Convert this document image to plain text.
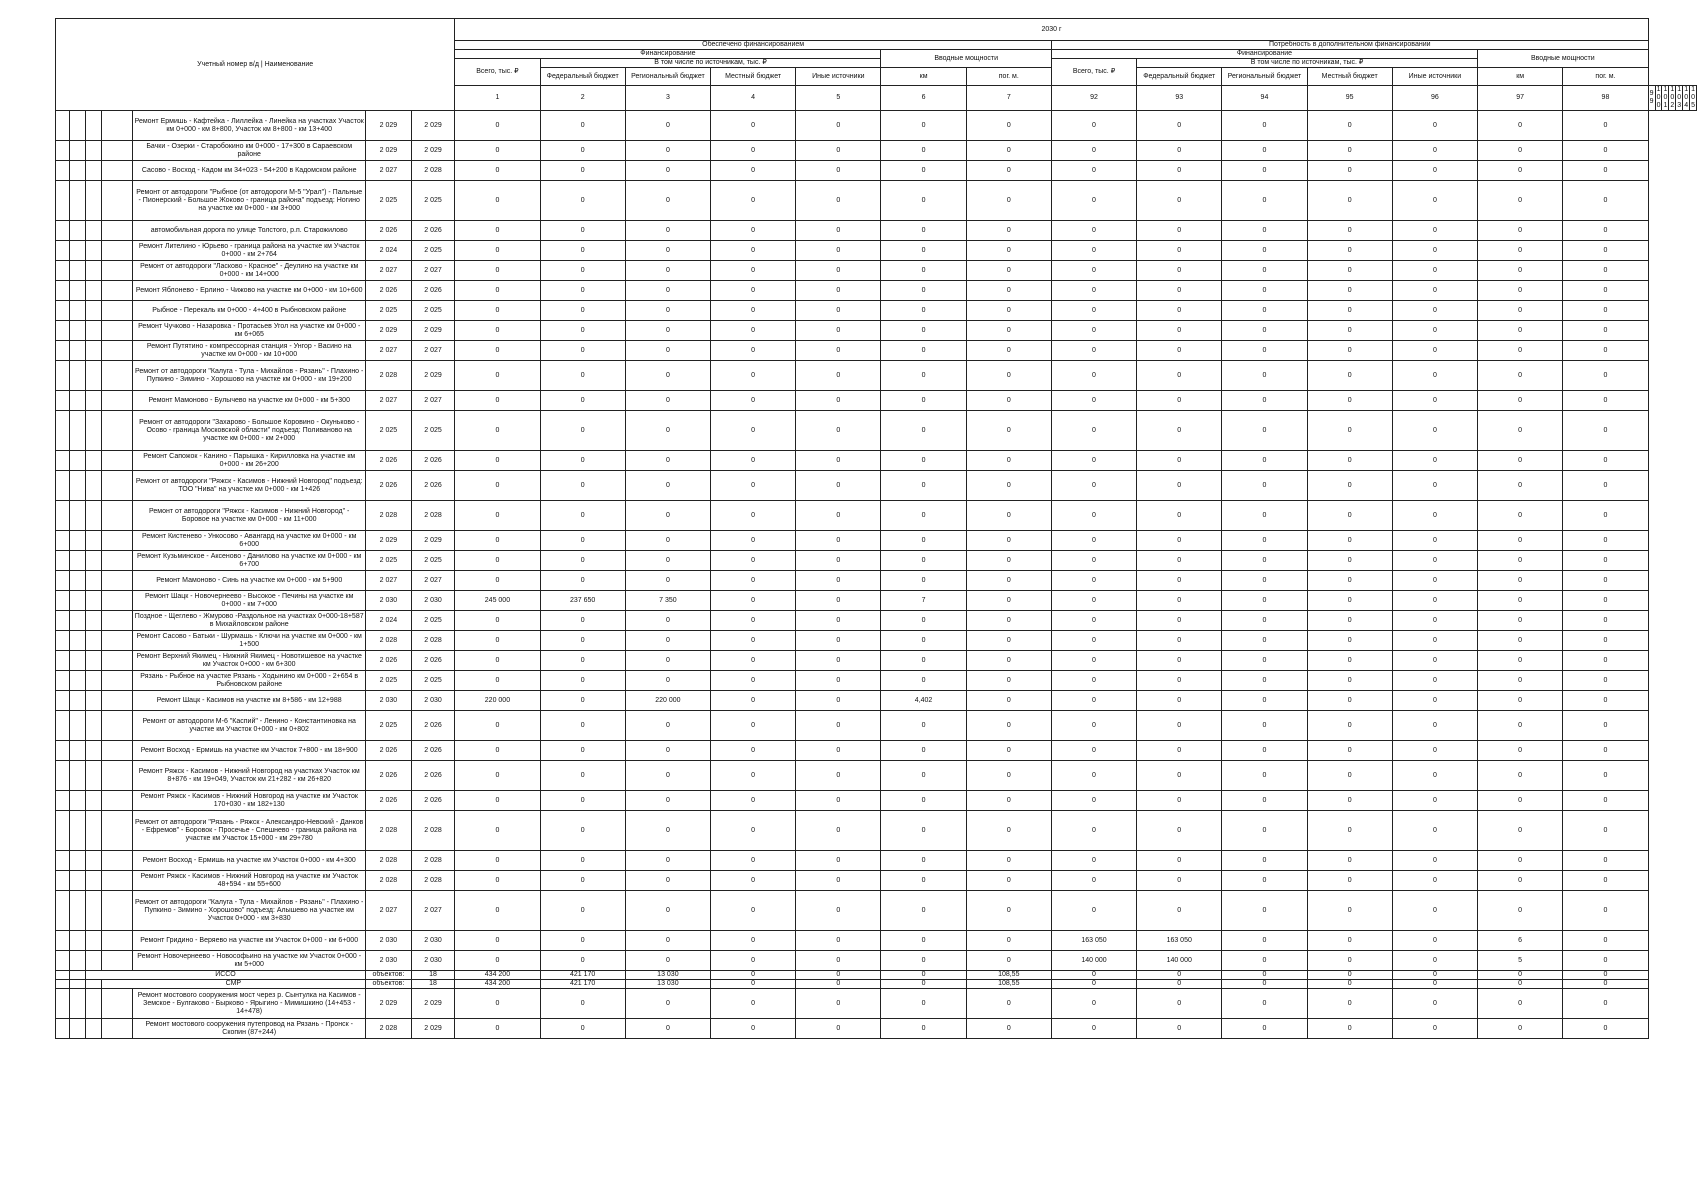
Учетный номер в/д | Наименование							2030 г																				
							Обеспечено финансированием							Потребность в дополнительном финансировании													
							Финансирование					Вводные мощности		Финансирование					Вводные мощности								
							Всего, тыс. ₽	В том числе по источникам, тыс. ₽						Всего, тыс. ₽	В том числе по источникам, тыс. ₽												
								Федеральный бюджет	Региональный бюджет	Местный бюджет	Иные источники	км	пог. м.		Федеральный бюджет	Региональный бюджет	Местный бюджет	Иные источники	км	пог. м.							
							1	2	3	4	5	6	7	92	93	94	95	96	97	98	99	100	101	102	103	104	105
				Ремонт Ермишь - Кафтейка - Лиллейка - Линейка на участках Участок км 0+000 - км 8+800, Участок км 8+800 - км 13+400	2 029	2 029	0	0	0	0	0	0	0	0	0	0	0	0	0	0							
				Бачки - Озерки - Старобокино км 0+000 - 17+300 в Сараевском районе	2 029	2 029	0	0	0	0	0	0	0	0	0	0	0	0	0	0							
				Сасово - Восход - Кадом км 34+023 - 54+200 в Кадомском районе	2 027	2 028	0	0	0	0	0	0	0	0	0	0	0	0	0	0							
				Ремонт от автодороги "Рыбное (от автодороги М-5 "Урал") - Пальные - Пионерский - Большое Жоково - граница района" подъезд: Ногино на участке км 0+000 - км 3+000	2 025	2 025	0	0	0	0	0	0	0	0	0	0	0	0	0	0							
				автомобильная дорога по улице Толстого, р.п. Старожилово	2 026	2 026	0	0	0	0	0	0	0	0	0	0	0	0	0	0							
				Ремонт Лителино - Юрьево - граница района на участке км Участок 0+000 - км 2+764	2 024	2 025	0	0	0	0	0	0	0	0	0	0	0	0	0	0							
				Ремонт от автодороги "Ласково - Красное" - Деулино на участке км 0+000 - км 14+000	2 027	2 027	0	0	0	0	0	0	0	0	0	0	0	0	0	0							
				Ремонт Яблонево - Ерлино - Чижово на участке км 0+000 - км 10+600	2 026	2 026	0	0	0	0	0	0	0	0	0	0	0	0	0	0							
				Рыбное - Перекаль км 0+000 - 4+400 в Рыбновском районе	2 025	2 025	0	0	0	0	0	0	0	0	0	0	0	0	0	0							
				Ремонт Чучково - Назаровка - Протасьев Угол на участке км 0+000 - км 6+065	2 029	2 029	0	0	0	0	0	0	0	0	0	0	0	0	0	0							
				Ремонт Путятино - компрессорная станция - Унгор - Васино на участке км 0+000 - км 10+000	2 027	2 027	0	0	0	0	0	0	0	0	0	0	0	0	0	0							
				Ремонт от автодороги "Калуга - Тула - Михайлов - Рязань" - Плахино - Пупкино - Зимино - Хорошово на участке км 0+000 - км 19+200	2 028	2 029	0	0	0	0	0	0	0	0	0	0	0	0	0	0							
				Ремонт Мамоново - Булычево на участке км 0+000 - км 5+300	2 027	2 027	0	0	0	0	0	0	0	0	0	0	0	0	0	0							
				Ремонт от автодороги "Захарово - Большое Коровино - Окуньково - Осово - граница Московской области" подъезд: Поливаново на участке км 0+000 - км 2+000	2 025	2 025	0	0	0	0	0	0	0	0	0	0	0	0	0	0							
				Ремонт Сапожок - Канино - Парышка - Кирилловка на участке км 0+000 - км 26+200	2 026	2 026	0	0	0	0	0	0	0	0	0	0	0	0	0	0							
				Ремонт от автодороги "Ряжск - Касимов - Нижний Новгород" подъезд: ТОО "Нива" на участке км 0+000 - км 1+426	2 026	2 026	0	0	0	0	0	0	0	0	0	0	0	0	0	0							
				Ремонт от автодороги "Ряжск - Касимов - Нижний Новгород" - Боровое на участке км 0+000 - км 11+000	2 028	2 028	0	0	0	0	0	0	0	0	0	0	0	0	0	0							
				Ремонт Кистенево - Ункосово - Авангард на участке км 0+000 - км 6+000	2 029	2 029	0	0	0	0	0	0	0	0	0	0	0	0	0	0							
				Ремонт Кузьминское - Аксеново - Данилово на участке км 0+000 - км 6+700	2 025	2 025	0	0	0	0	0	0	0	0	0	0	0	0	0	0							
				Ремонт Мамоново - Синь на участке км 0+000 - км 5+900	2 027	2 027	0	0	0	0	0	0	0	0	0	0	0	0	0	0							
				Ремонт Шацк - Новочернеево - Высокое - Печины на участке км 0+000 - км 7+000	2 030	2 030	245 000	237 650	7 350	0	0	7	0	0	0	0	0	0	0	0							
				Поздное - Щеглево - Жмурово -Раздольное на участках 0+000-18+587 в Михайловском районе	2 024	2 025	0	0	0	0	0	0	0	0	0	0	0	0	0	0							
				Ремонт Сасово - Батьки - Шурмашь - Ключи на участке км 0+000 - км 1+500	2 028	2 028	0	0	0	0	0	0	0	0	0	0	0	0	0	0							
				Ремонт Верхний Якимец - Нижний Якимец - Новотишевое на участке км Участок 0+000 - км 6+300	2 026	2 026	0	0	0	0	0	0	0	0	0	0	0	0	0	0							
				Рязань - Рыбное на участке Рязань - Ходынино км 0+000 - 2+654 в Рыбновском районе	2 025	2 025	0	0	0	0	0	0	0	0	0	0	0	0	0	0							
				Ремонт Шацк - Касимов на участке км 8+586 - км 12+988	2 030	2 030	220 000	0	220 000	0	0	4,402	0	0	0	0	0	0	0	0							
				Ремонт от автодороги М-6 "Каспий" - Ленино - Константиновка на участке км Участок 0+000 - км 0+802	2 025	2 026	0	0	0	0	0	0	0	0	0	0	0	0	0	0							
				Ремонт Восход - Ермишь на участке км Участок 7+800 - км 18+900	2 026	2 026	0	0	0	0	0	0	0	0	0	0	0	0	0	0							
				Ремонт Ряжск - Касимов - Нижний Новгород на участках Участок км 8+876 - км 19+049, Участок км 21+282 - км 26+820	2 026	2 026	0	0	0	0	0	0	0	0	0	0	0	0	0	0							
				Ремонт Ряжск - Касимов - Нижний Новгород на участке км Участок 170+030 - км 182+130	2 026	2 026	0	0	0	0	0	0	0	0	0	0	0	0	0	0							
				Ремонт от автодороги "Рязань - Ряжск - Александро-Невский - Данков - Ефремов" - Боровок - Просечье - Спешнево - граница района на участке км Участок 15+000 - км 29+780	2 028	2 028	0	0	0	0	0	0	0	0	0	0	0	0	0	0							
				Ремонт Восход - Ермишь на участке км Участок 0+000 - км 4+300	2 028	2 028	0	0	0	0	0	0	0	0	0	0	0	0	0	0							
				Ремонт Ряжск - Касимов - Нижний Новгород на участке км Участок 48+594 - км 55+600	2 028	2 028	0	0	0	0	0	0	0	0	0	0	0	0	0	0							
				Ремонт от автодороги "Калуга - Тула - Михайлов - Рязань" - Плахино - Пупкино - Зимино - Хорошово" подъезд: Алышево на участке км Участок 0+000 - км 3+830	2 027	2 027	0	0	0	0	0	0	0	0	0	0	0	0	0	0							
				Ремонт Гридино - Веряево на участке км Участок 0+000 - км 6+000	2 030	2 030	0	0	0	0	0	0	0	163 050	163 050	0	0	0	6	0							
				Ремонт Новочернеево - Новософьино на участке км Участок 0+000 - км 5+000	2 030	2 030	0	0	0	0	0	0	0	140 000	140 000	0	0	0	5	0							
		ИССО			объектов:	18	434 200	421 170	13 030	0	0	0	108,55	0	0	0	0	0	0	0							
			СМР		объектов:	18	434 200	421 170	13 030	0	0	0	108,55	0	0	0	0	0	0	0							
				Ремонт мостового сооружения мост через р. Сынтулка на Касимов - Земское - Булгаково - Бырково - Ярыгино - Мимишкино (14+453 - 14+478)	2 029	2 029	0	0	0	0	0	0	0	0	0	0	0	0	0	0							
				Ремонт мостового сооружения путепровод на Рязань - Пронск - Скопин (87+244)	2 028	2 029	0	0	0	0	0	0	0	0	0	0	0	0	0	0							
